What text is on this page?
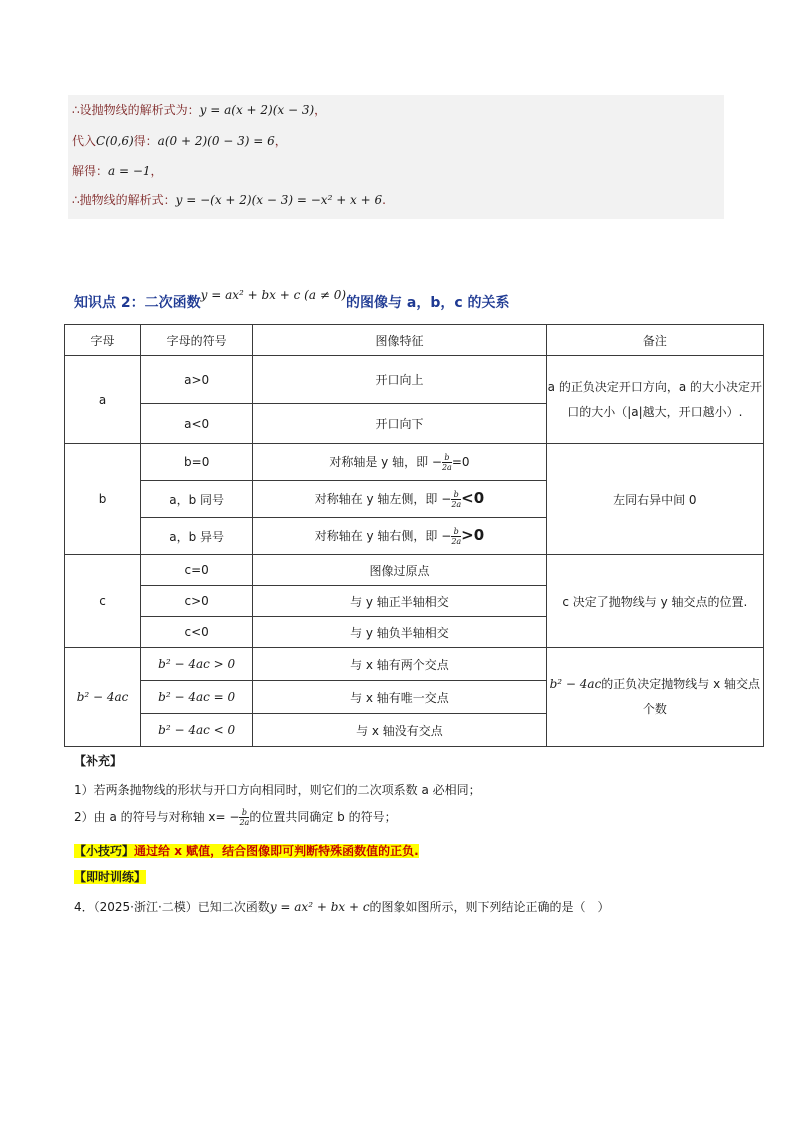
∴设抛物线的解析式为：y = a(x + 2)(x − 3)，
代入C(0,6)得：a(0 + 2)(0 − 3) = 6，
解得：a = −1，
∴抛物线的解析式：y = −(x + 2)(x − 3) = −x² + x + 6.
知识点 2：二次函数y = ax² + bx + c (a ≠ 0)的图像与 a，b，c 的关系
字母	字母的符号	图像特征	备注
a	a>0	开口向上	a 的正负决定开口方向，a 的大小决定开口的大小（|a|越大，开口越小）.
	a<0	开口向下	
b	b=0	对称轴是 y 轴，即 − $\frac{b}{2a} =0$	左同右异中间 0
	a，b 同号	对称轴在 y 轴左侧，即 − $\frac{b}{2a} <0$	
	a，b 异号	对称轴在 y 轴右侧，即 − $\frac{b}{2a} >0$	
c	c=0	图像过原点	c 决定了抛物线与 y 轴交点的位置.
	c>0	与 y 轴正半轴相交	
	c<0	与 y 轴负半轴相交	
b² − 4ac	b² − 4ac > 0	与 x 轴有两个交点	b² − 4ac的正负决定抛物线与 x 轴交点个数
	b² − 4ac = 0	与 x 轴有唯一交点	
	b² − 4ac < 0	与 x 轴没有交点	
【补充】
1）若两条抛物线的形状与开口方向相同时，则它们的二次项系数 a 必相同；
2）由 a 的符号与对称轴 $x= - \frac{b}{2a}$ 的位置共同确定 b 的符号；
【小技巧】通过给 x 赋值，结合图像即可判断特殊函数值的正负.
【即时训练】
4．（2025·浙江·二模）已知二次函数y = ax² + bx + c的图象如图所示，则下列结论正确的是（　）
